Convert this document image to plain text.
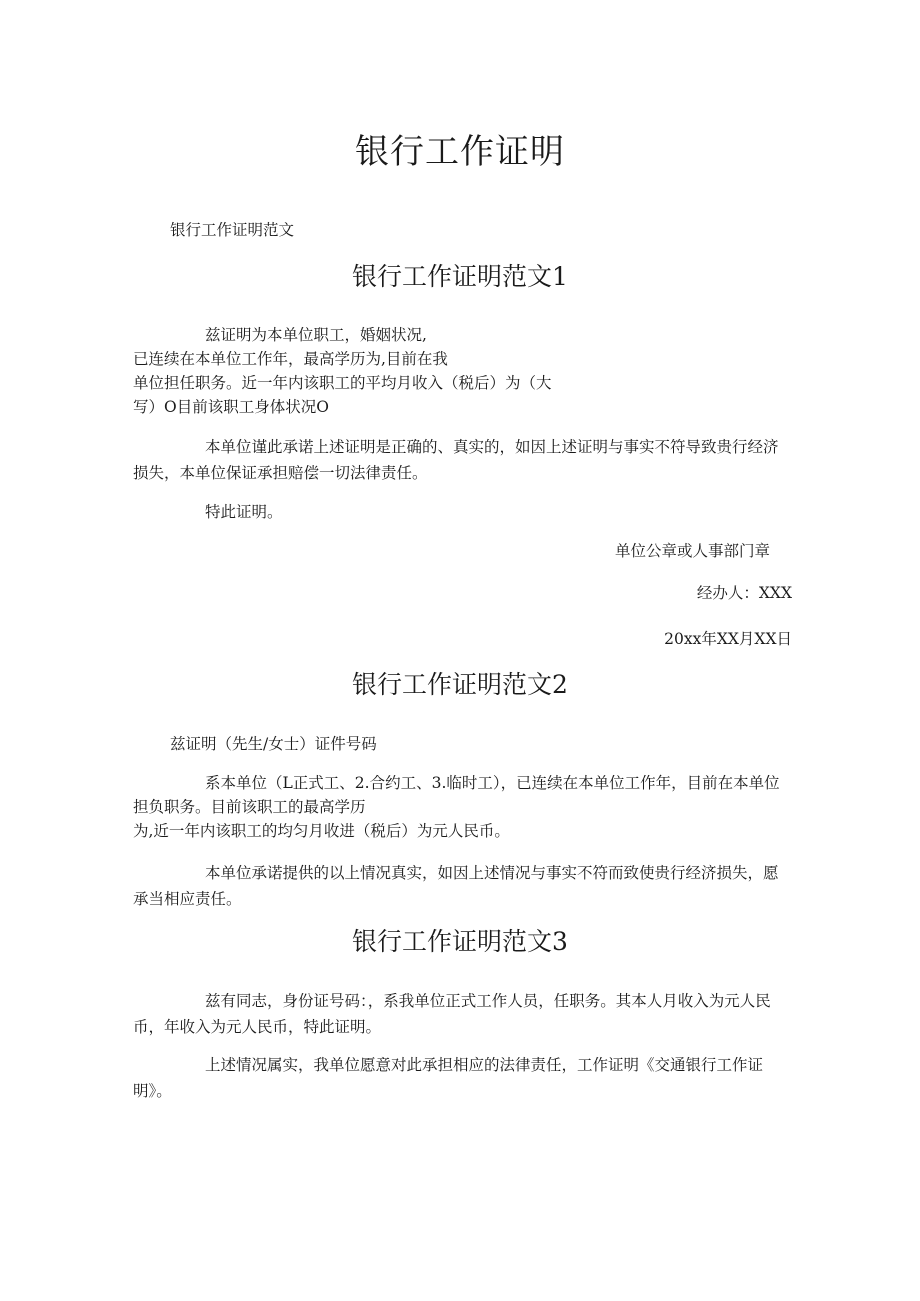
银行工作证明
银行工作证明范文
银行工作证明范文1
兹证明为本单位职工，婚姻状况,
已连续在本单位工作年，最高学历为,目前在我
单位担任职务。近一年内该职工的平均月收入（税后）为（大
写）O目前该职工身体状况O
本单位谨此承诺上述证明是正确的、真实的，如因上述证明与事实不符导致贵行经济损失，本单位保证承担赔偿一切法律责任。
特此证明。
单位公章或人事部门章
经办人：XXX
20xx年XX月XX日
银行工作证明范文2
兹证明（先生/女士）证件号码
系本单位（L正式工、2.合约工、3.临时工），已连续在本单位工作年，目前在本单位担负职务。目前该职工的最高学历
为,近一年内该职工的均匀月收进（税后）为元人民币。
本单位承诺提供的以上情况真实，如因上述情况与事实不符而致使贵行经济损失，愿承当相应责任。
银行工作证明范文3
兹有同志，身份证号码：，系我单位正式工作人员，任职务。其本人月收入为元人民币，年收入为元人民币，特此证明。
上述情况属实，我单位愿意对此承担相应的法律责任，工作证明《交通银行工作证明》。
